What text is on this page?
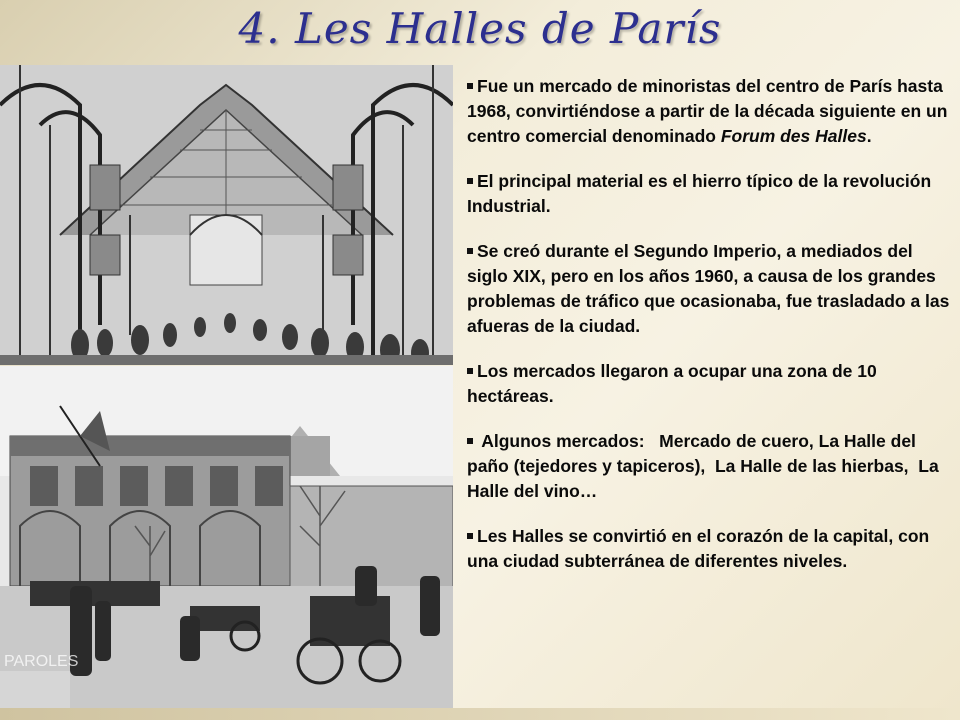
4. Les Halles de París
PAROLES
Fue un mercado de minoristas del centro de París hasta 1968, convirtiéndose a partir de la década siguiente en un centro comercial denominado Forum des Halles.
El principal material es el hierro típico de la revolución Industrial.
Se creó durante el Segundo Imperio, a mediados del siglo XIX, pero en los años 1960, a causa de los grandes problemas de tráfico que ocasionaba, fue trasladado a las afueras de la ciudad.
Los mercados llegaron a ocupar una zona de 10 hectáreas.
Algunos mercados:   Mercado de cuero, La Halle del paño (tejedores y tapiceros),  La Halle de las hierbas,  La Halle del vino…
Les Halles se convirtió en el corazón de la capital, con una ciudad subterránea de diferentes niveles.
